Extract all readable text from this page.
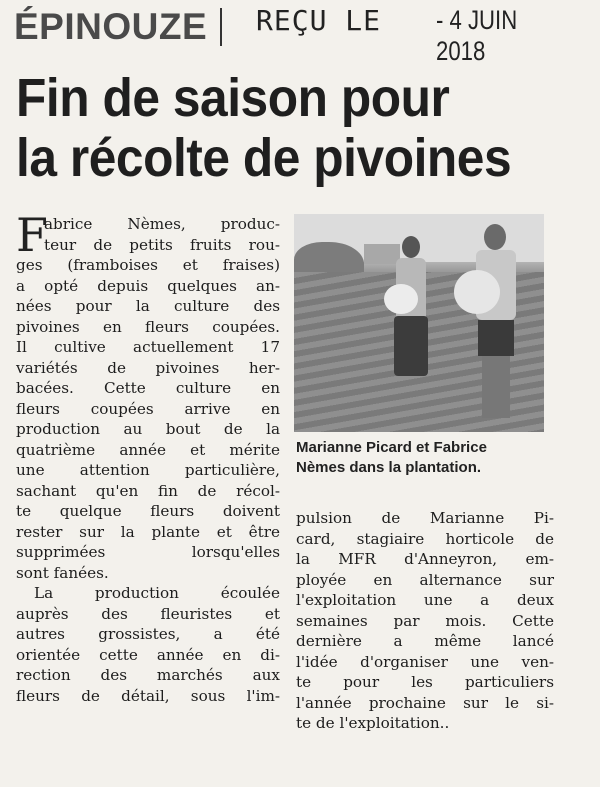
ÉPINOUZE REÇU LE - 4 JUIN 2018
Fin de saison pour
la récolte de pivoines
F
abrice Nèmes, produc-
teur de petits fruits rou-
ges (framboises et fraises)
a opté depuis quelques an-
nées pour la culture des
pivoines en fleurs coupées.
Il cultive actuellement 17
variétés de pivoines her-
bacées. Cette culture en
fleurs coupées arrive en
production au bout de la
quatrième année et mérite
une attention particulière,
sachant qu'en fin de récol-
te quelque fleurs doivent
rester sur la plante et être
supprimées lorsqu'elles
sont fanées.
La production écoulée
auprès des fleuristes et
autres grossistes, a été
orientée cette année en di-
rection des marchés aux
fleurs de détail, sous l'im-
Marianne Picard et Fabrice
Nèmes dans la plantation.
pulsion de Marianne Pi-
card, stagiaire horticole de
la MFR d'Anneyron, em-
ployée en alternance sur
l'exploitation une a deux
semaines par mois. Cette
dernière a même lancé
l'idée d'organiser une ven-
te pour les particuliers
l'année prochaine sur le si-
te de l'exploitation..
